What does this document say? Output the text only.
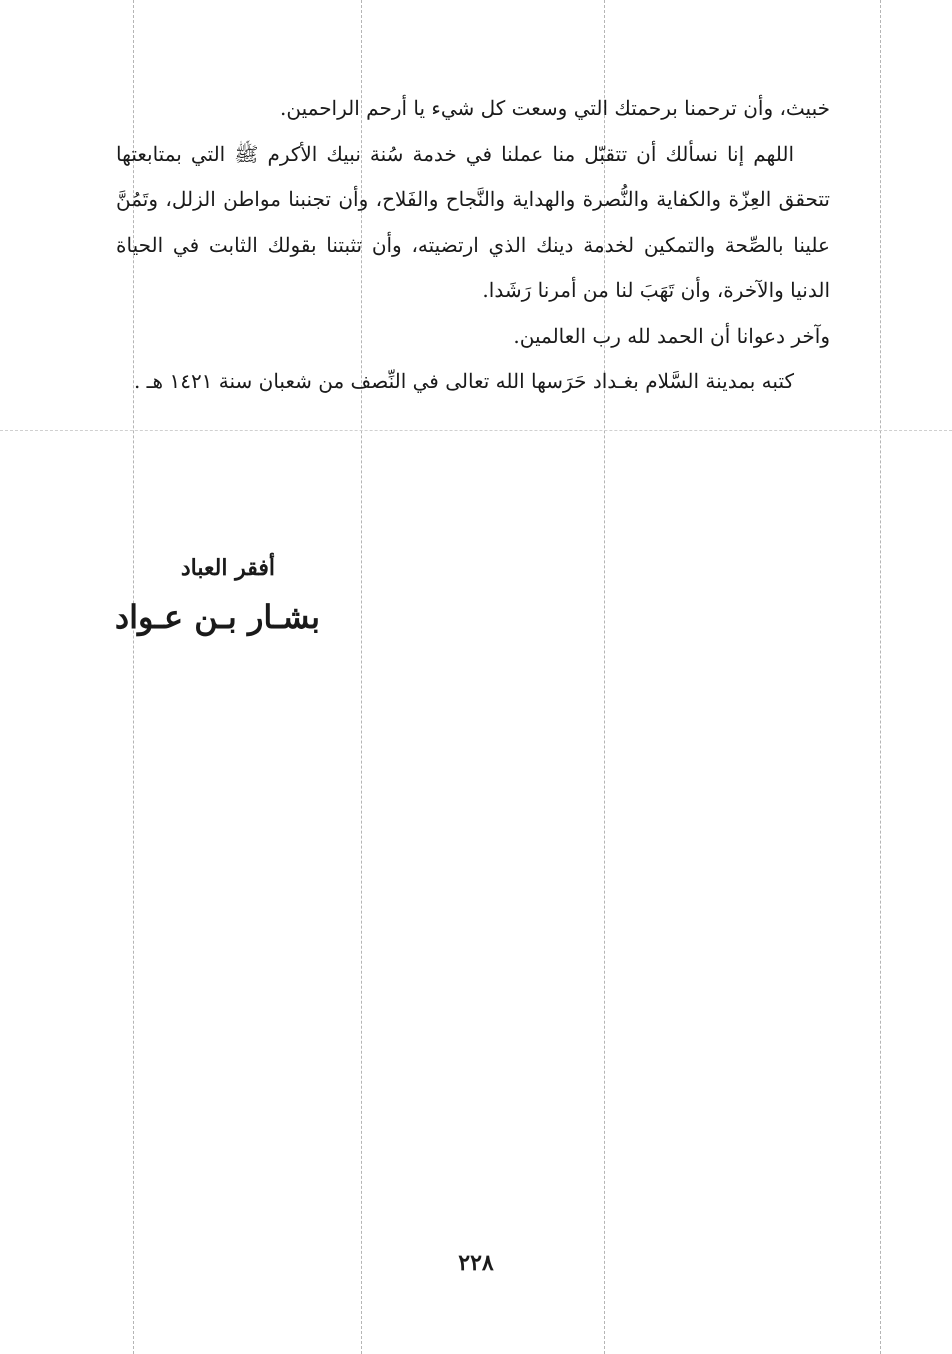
خبيث، وأن ترحمنا برحمتك التي وسعت كل شيء يا أرحم الراحمين.

اللهم إنا نسألك أن تتقبّل منا عملنا في خدمة سُنة نبيك الأكرم ﷺ التي بمتابعتها تتحقق العِزّة والكفاية والنُّصرة والهداية والنَّجاح والفَلاح، وأن تجنبنا مواطن الزلل، وتَمُنَّ علينا بالصِّحة والتمكين لخدمة دينك الذي ارتضيته، وأن تثبتنا بقولك الثابت في الحياة الدنيا والآخرة، وأن تَهَبَ لنا من أمرنا رَشَدا.

وآخر دعوانا أن الحمد لله رب العالمين.

كتبه بمدينة السَّلام بغـداد حَرَسها الله تعالى في النِّصف من شعبان سنة ١٤٢١ هـ .

أفقر العباد
بشـار بـن عـواد
٢٢٨
